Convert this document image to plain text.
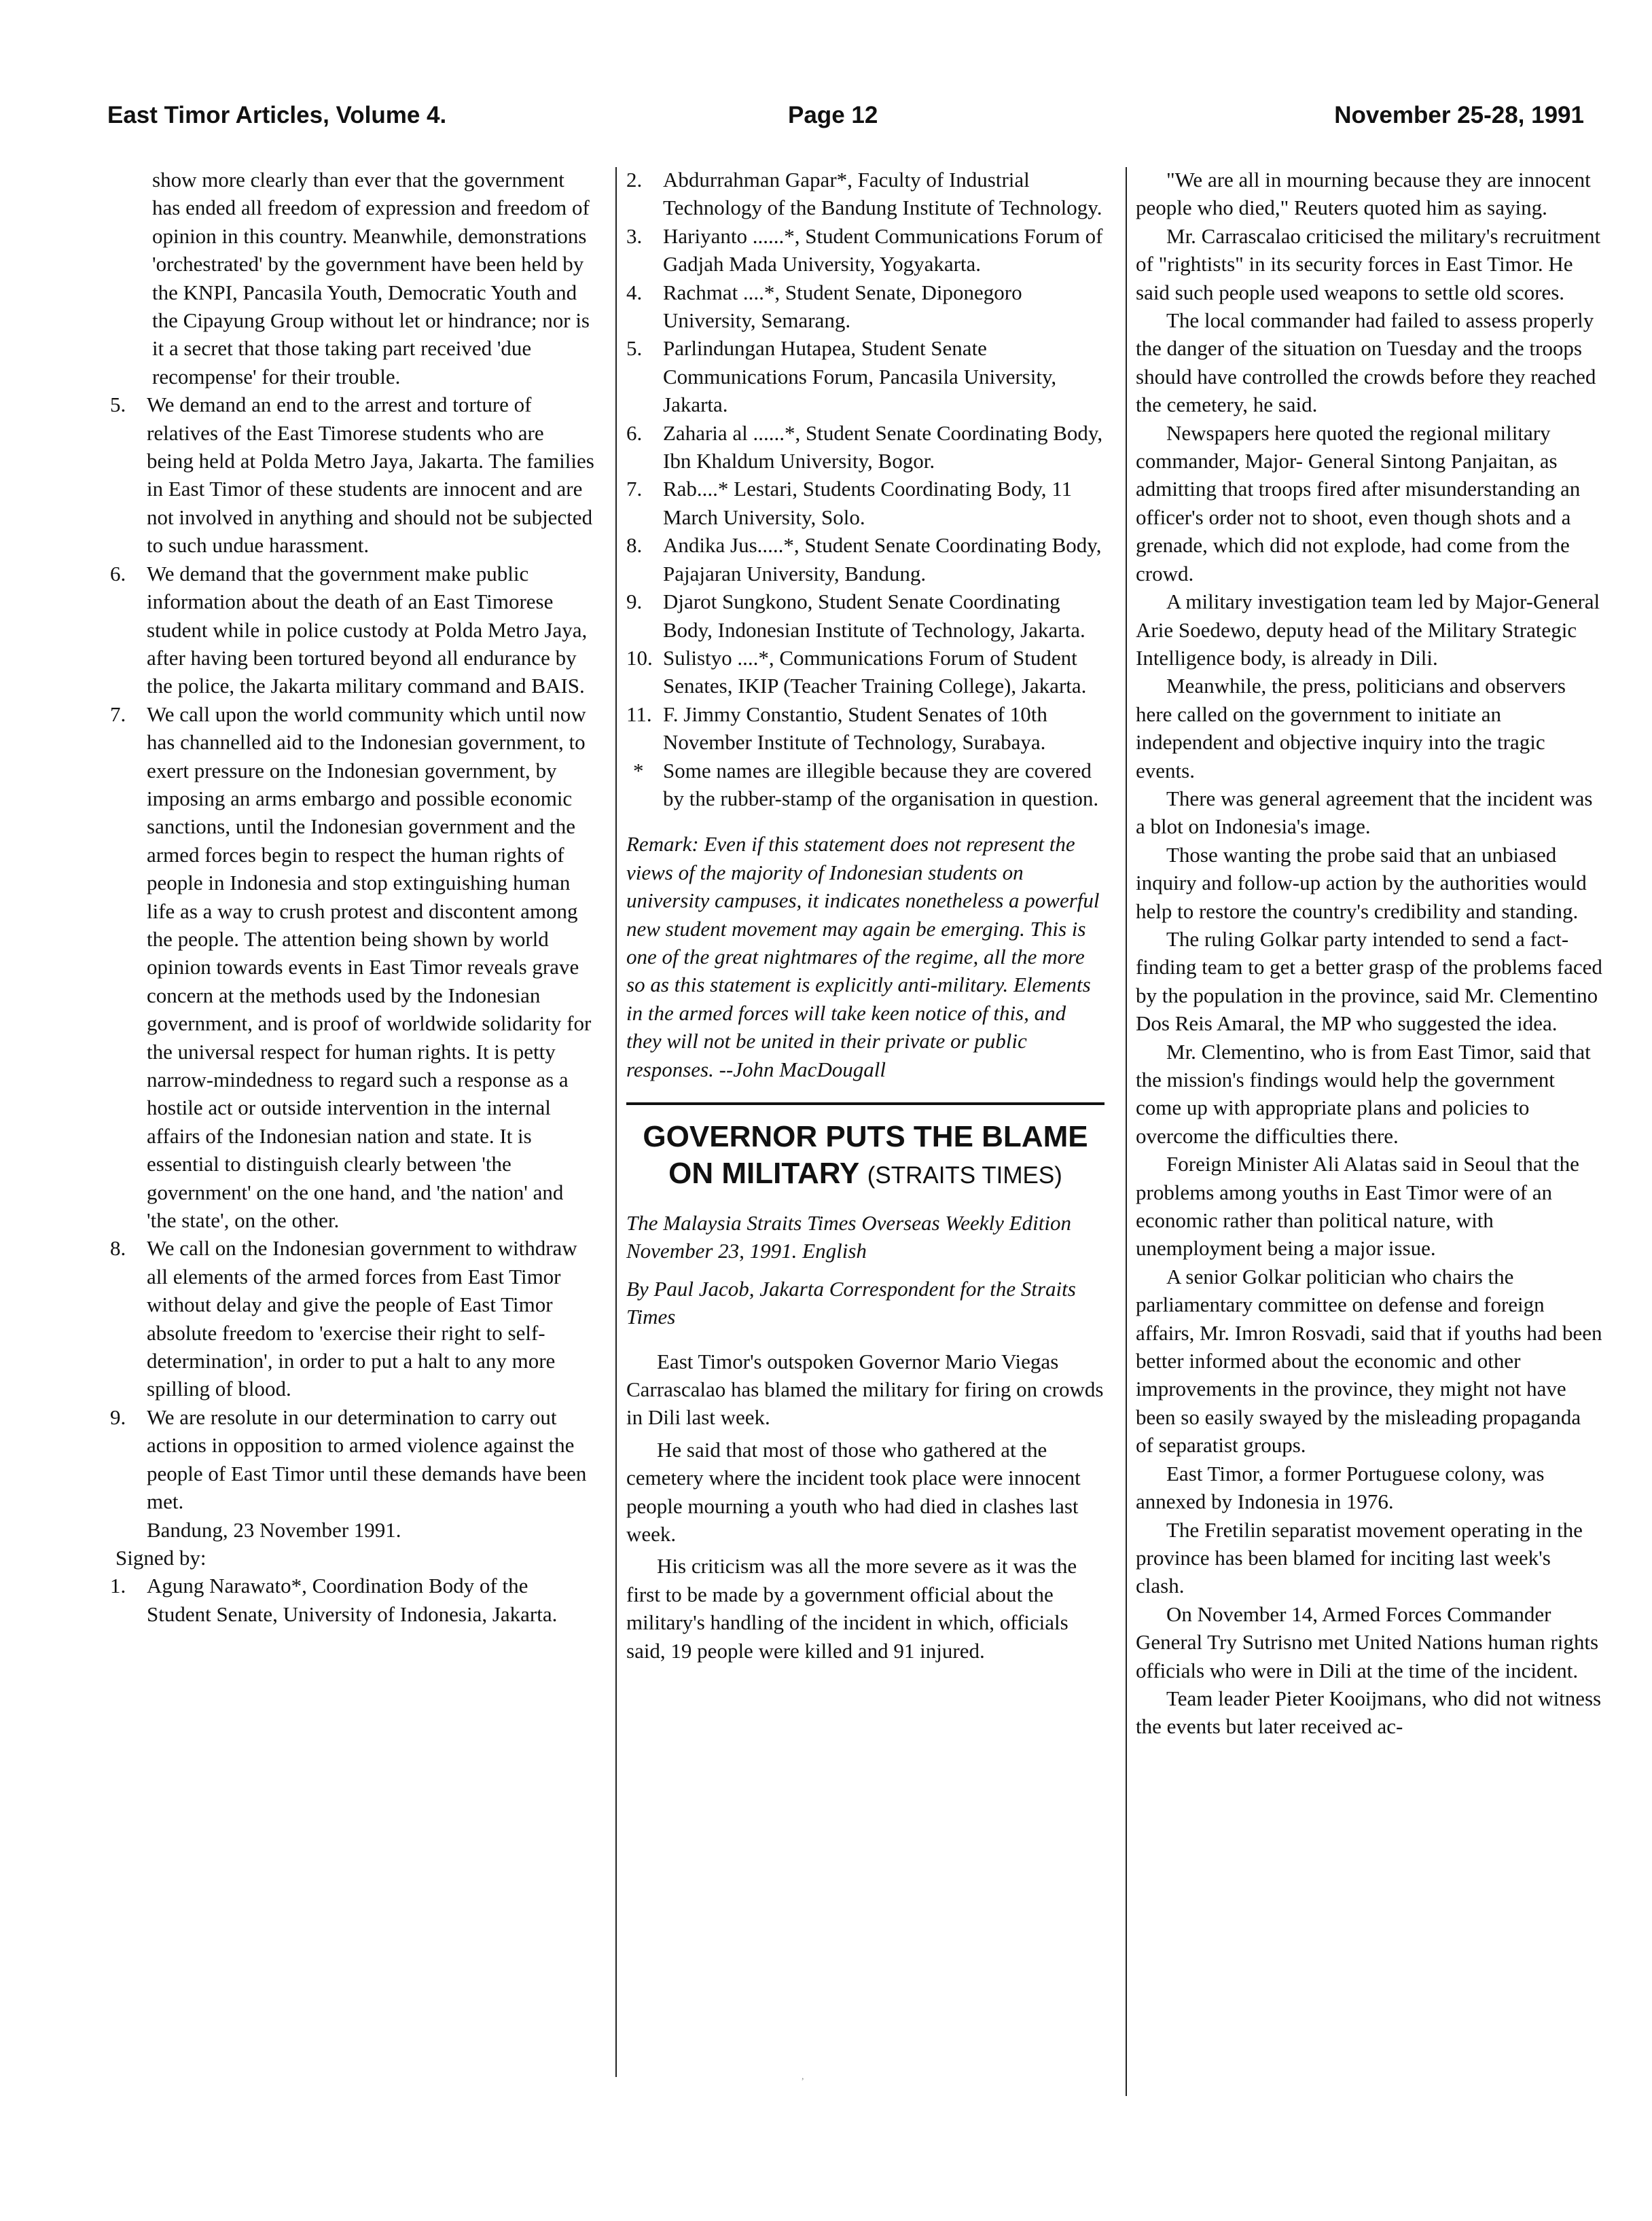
East Timor Articles, Volume 4.	Page 12	November 25-28, 1991

show more clearly than ever that the government has ended all freedom of expression and freedom of opinion in this country. Meanwhile, demonstrations 'orchestrated' by the government have been held by the KNPI, Pancasila Youth, Democratic Youth and the Cipayung Group without let or hindrance; nor is it a secret that those taking part received 'due recompense' for their trouble.

5. We demand an end to the arrest and torture of relatives of the East Timorese students who are being held at Polda Metro Jaya, Jakarta. The families in East Timor of these students are innocent and are not involved in anything and should not be subjected to such undue harassment.
6. We demand that the government make public information about the death of an East Timorese student while in police custody at Polda Metro Jaya, after having been tortured beyond all endurance by the police, the Jakarta military command and BAIS.
7. We call upon the world community which until now has channelled aid to the Indonesian government, to exert pressure on the Indonesian government, by imposing an arms embargo and possible economic sanctions, until the Indonesian government and the armed forces begin to respect the human rights of people in Indonesia and stop extinguishing human life as a way to crush protest and discontent among the people. The attention being shown by world opinion towards events in East Timor reveals grave concern at the methods used by the Indonesian government, and is proof of worldwide solidarity for the universal respect for human rights. It is petty narrow-mindedness to regard such a response as a hostile act or outside intervention in the internal affairs of the Indonesian nation and state. It is essential to distinguish clearly between 'the government' on the one hand, and 'the nation' and 'the state', on the other.
8. We call on the Indonesian government to withdraw all elements of the armed forces from East Timor without delay and give the people of East Timor absolute freedom to 'exercise their right to self-determination', in order to put a halt to any more spilling of blood.
9. We are resolute in our determination to carry out actions in opposition to armed violence against the people of East Timor until these demands have been met.

Bandung, 23 November 1991.

Signed by:

1. Agung Narawato*, Coordination Body of the Student Senate, University of Indonesia, Jakarta.
2. Abdurrahman Gapar*, Faculty of Industrial Technology of the Bandung Institute of Technology.
3. Hariyanto ......*, Student Communications Forum of Gadjah Mada University, Yogyakarta.
4. Rachmat ....*, Student Senate, Diponegoro University, Semarang.
5. Parlindungan Hutapea, Student Senate Communications Forum, Pancasila University, Jakarta.
6. Zaharia al ......*, Student Senate Coordinating Body, Ibn Khaldum University, Bogor.
7. Rab....* Lestari, Students Coordinating Body, 11 March University, Solo.
8. Andika Jus.....*, Student Senate Coordinating Body, Pajajaran University, Bandung.
9. Djarot Sungkono, Student Senate Coordinating Body, Indonesian Institute of Technology, Jakarta.
10. Sulistyo ....*, Communications Forum of Student Senates, IKIP (Teacher Training College), Jakarta.
11. F. Jimmy Constantio, Student Senates of 10th November Institute of Technology, Surabaya.
* Some names are illegible because they are covered by the rubber-stamp of the organisation in question.

Remark: Even if this statement does not represent the views of the majority of Indonesian students on university campuses, it indicates nonetheless a powerful new student movement may again be emerging. This is one of the great nightmares of the regime, all the more so as this statement is explicitly anti-military. Elements in the armed forces will take keen notice of this, and they will not be united in their private or public responses. --John MacDougall

GOVERNOR PUTS THE BLAME ON MILITARY (STRAITS TIMES)

The Malaysia Straits Times Overseas Weekly Edition November 23, 1991. English

By Paul Jacob, Jakarta Correspondent for the Straits Times

East Timor's outspoken Governor Mario Viegas Carrascalao has blamed the military for firing on crowds in Dili last week.

He said that most of those who gathered at the cemetery where the incident took place were innocent people mourning a youth who had died in clashes last week.

His criticism was all the more severe as it was the first to be made by a government official about the military's handling of the incident in which, officials said, 19 people were killed and 91 injured.

"We are all in mourning because they are innocent people who died," Reuters quoted him as saying.

Mr. Carrascalao criticised the military's recruitment of "rightists" in its security forces in East Timor. He said such people used weapons to settle old scores.

The local commander had failed to assess properly the danger of the situation on Tuesday and the troops should have controlled the crowds before they reached the cemetery, he said.

Newspapers here quoted the regional military commander, Major- General Sintong Panjaitan, as admitting that troops fired after misunderstanding an officer's order not to shoot, even though shots and a grenade, which did not explode, had come from the crowd.

A military investigation team led by Major-General Arie Soedewo, deputy head of the Military Strategic Intelligence body, is already in Dili.

Meanwhile, the press, politicians and observers here called on the government to initiate an independent and objective inquiry into the tragic events.

There was general agreement that the incident was a blot on Indonesia's image.

Those wanting the probe said that an unbiased inquiry and follow-up action by the authorities would help to restore the country's credibility and standing.

The ruling Golkar party intended to send a fact-finding team to get a better grasp of the problems faced by the population in the province, said Mr. Clementino Dos Reis Amaral, the MP who suggested the idea.

Mr. Clementino, who is from East Timor, said that the mission's findings would help the government come up with appropriate plans and policies to overcome the difficulties there.

Foreign Minister Ali Alatas said in Seoul that the problems among youths in East Timor were of an economic rather than political nature, with unemployment being a major issue.

A senior Golkar politician who chairs the parliamentary committee on defense and foreign affairs, Mr. Imron Rosvadi, said that if youths had been better informed about the economic and other improvements in the province, they might not have been so easily swayed by the misleading propaganda of separatist groups.

East Timor, a former Portuguese colony, was annexed by Indonesia in 1976.

The Fretilin separatist movement operating in the province has been blamed for inciting last week's clash.

On November 14, Armed Forces Commander General Try Sutrisno met United Nations human rights officials who were in Dili at the time of the incident.

Team leader Pieter Kooijmans, who did not witness the events but later received ac-

,
